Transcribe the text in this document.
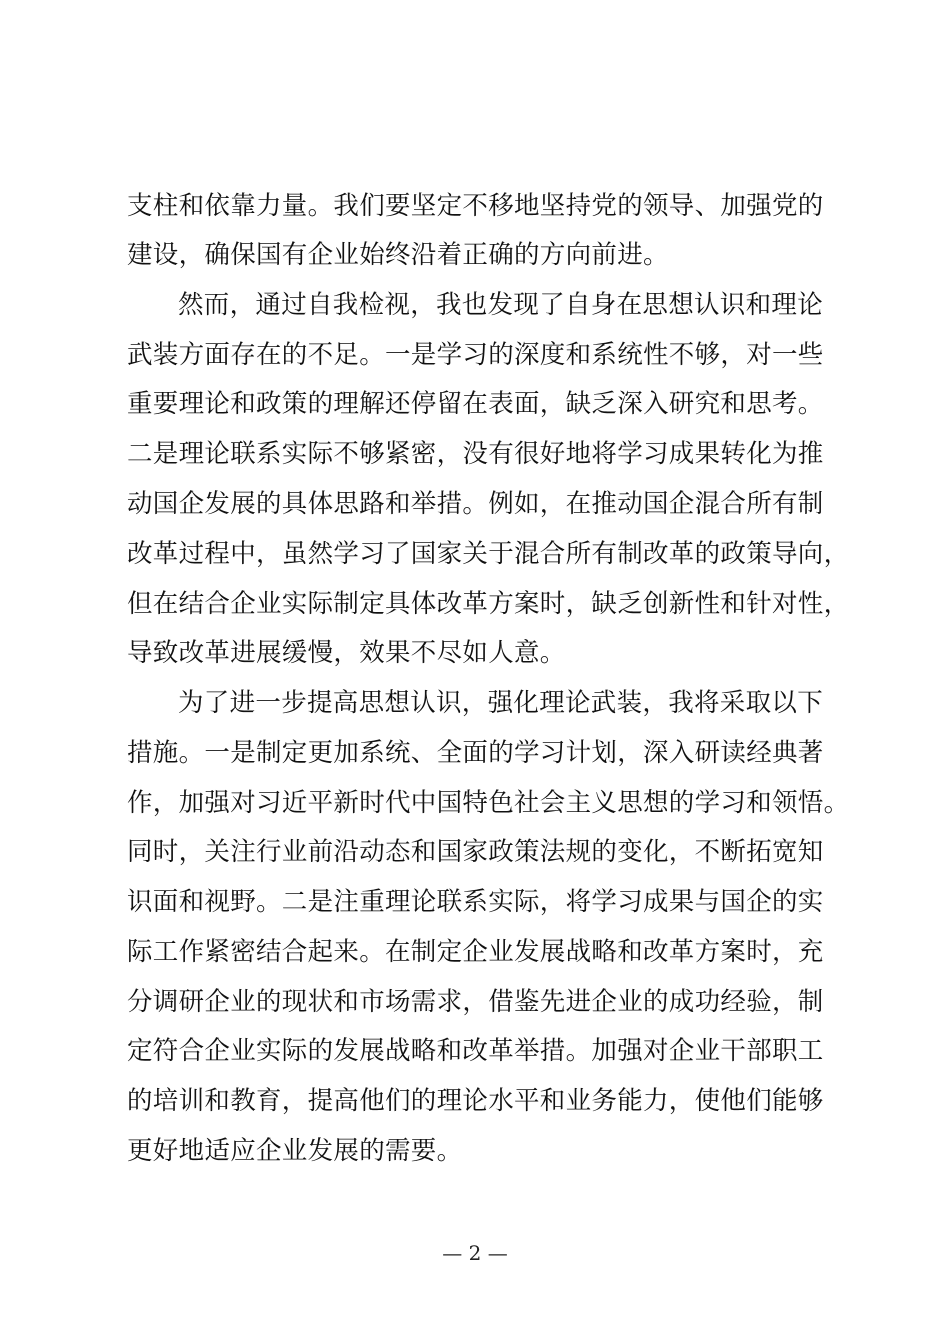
支柱和依靠力量。我们要坚定不移地坚持党的领导、加强党的
建设，确保国有企业始终沿着正确的方向前进。
然而，通过自我检视，我也发现了自身在思想认识和理论
武装方面存在的不足。一是学习的深度和系统性不够，对一些
重要理论和政策的理解还停留在表面，缺乏深入研究和思考。
二是理论联系实际不够紧密，没有很好地将学习成果转化为推
动国企发展的具体思路和举措。例如，在推动国企混合所有制
改革过程中，虽然学习了国家关于混合所有制改革的政策导向，
但在结合企业实际制定具体改革方案时，缺乏创新性和针对性，
导致改革进展缓慢，效果不尽如人意。
为了进一步提高思想认识，强化理论武装，我将采取以下
措施。一是制定更加系统、全面的学习计划，深入研读经典著
作，加强对习近平新时代中国特色社会主义思想的学习和领悟。
同时，关注行业前沿动态和国家政策法规的变化，不断拓宽知
识面和视野。二是注重理论联系实际，将学习成果与国企的实
际工作紧密结合起来。在制定企业发展战略和改革方案时，充
分调研企业的现状和市场需求，借鉴先进企业的成功经验，制
定符合企业实际的发展战略和改革举措。加强对企业干部职工
的培训和教育，提高他们的理论水平和业务能力，使他们能够
更好地适应企业发展的需要。
— 2 —
